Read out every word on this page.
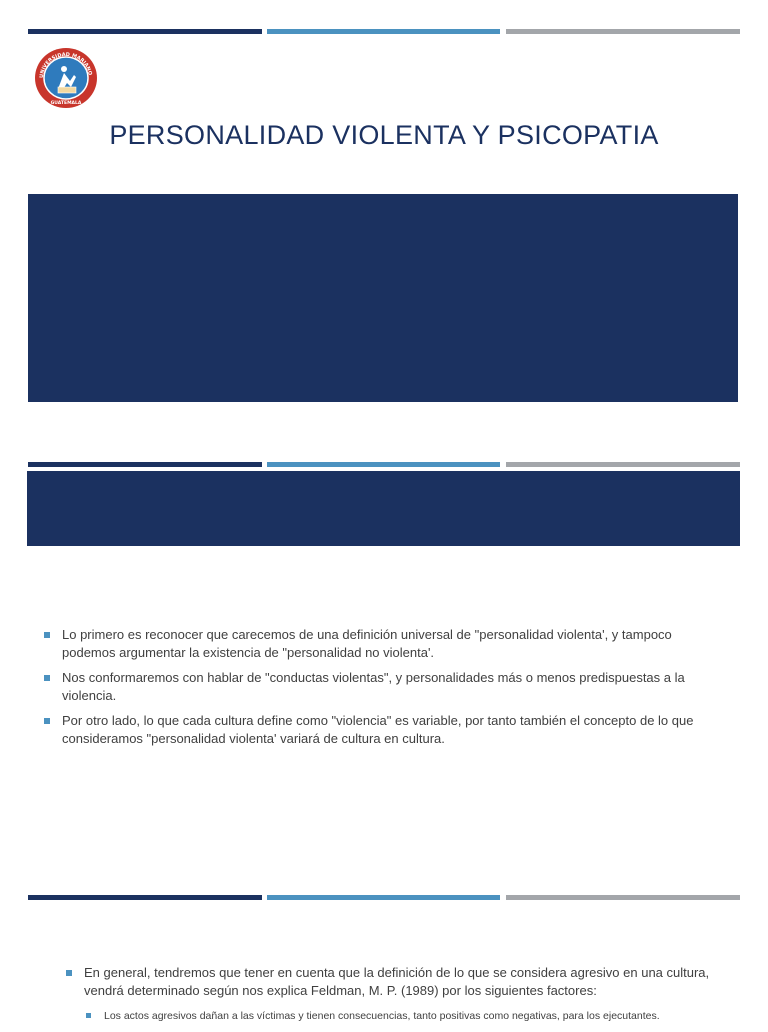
UNIVERSIDAD MARIANO
GUATEMALA
PERSONALIDAD VIOLENTA Y PSICOPATIA
Lo primero es reconocer que carecemos de una definición universal de "personalidad violenta', y tampoco podemos argumentar la existencia de "personalidad no violenta'.
Nos conformaremos con hablar de "conductas violentas", y personalidades más o menos predispuestas a la violencia.
Por otro lado, lo que cada cultura define como "violencia" es variable, por tanto también el concepto de lo que consideramos "personalidad violenta' variará de cultura en cultura.
En general, tendremos que tener en cuenta que la definición de lo que se considera agresivo en una cultura, vendrá determinado según nos explica Feldman, M. P. (1989) por los siguientes factores:
Los actos agresivos dañan a las víctimas y tienen consecuencias, tanto positivas como negativas, para los ejecutantes.
